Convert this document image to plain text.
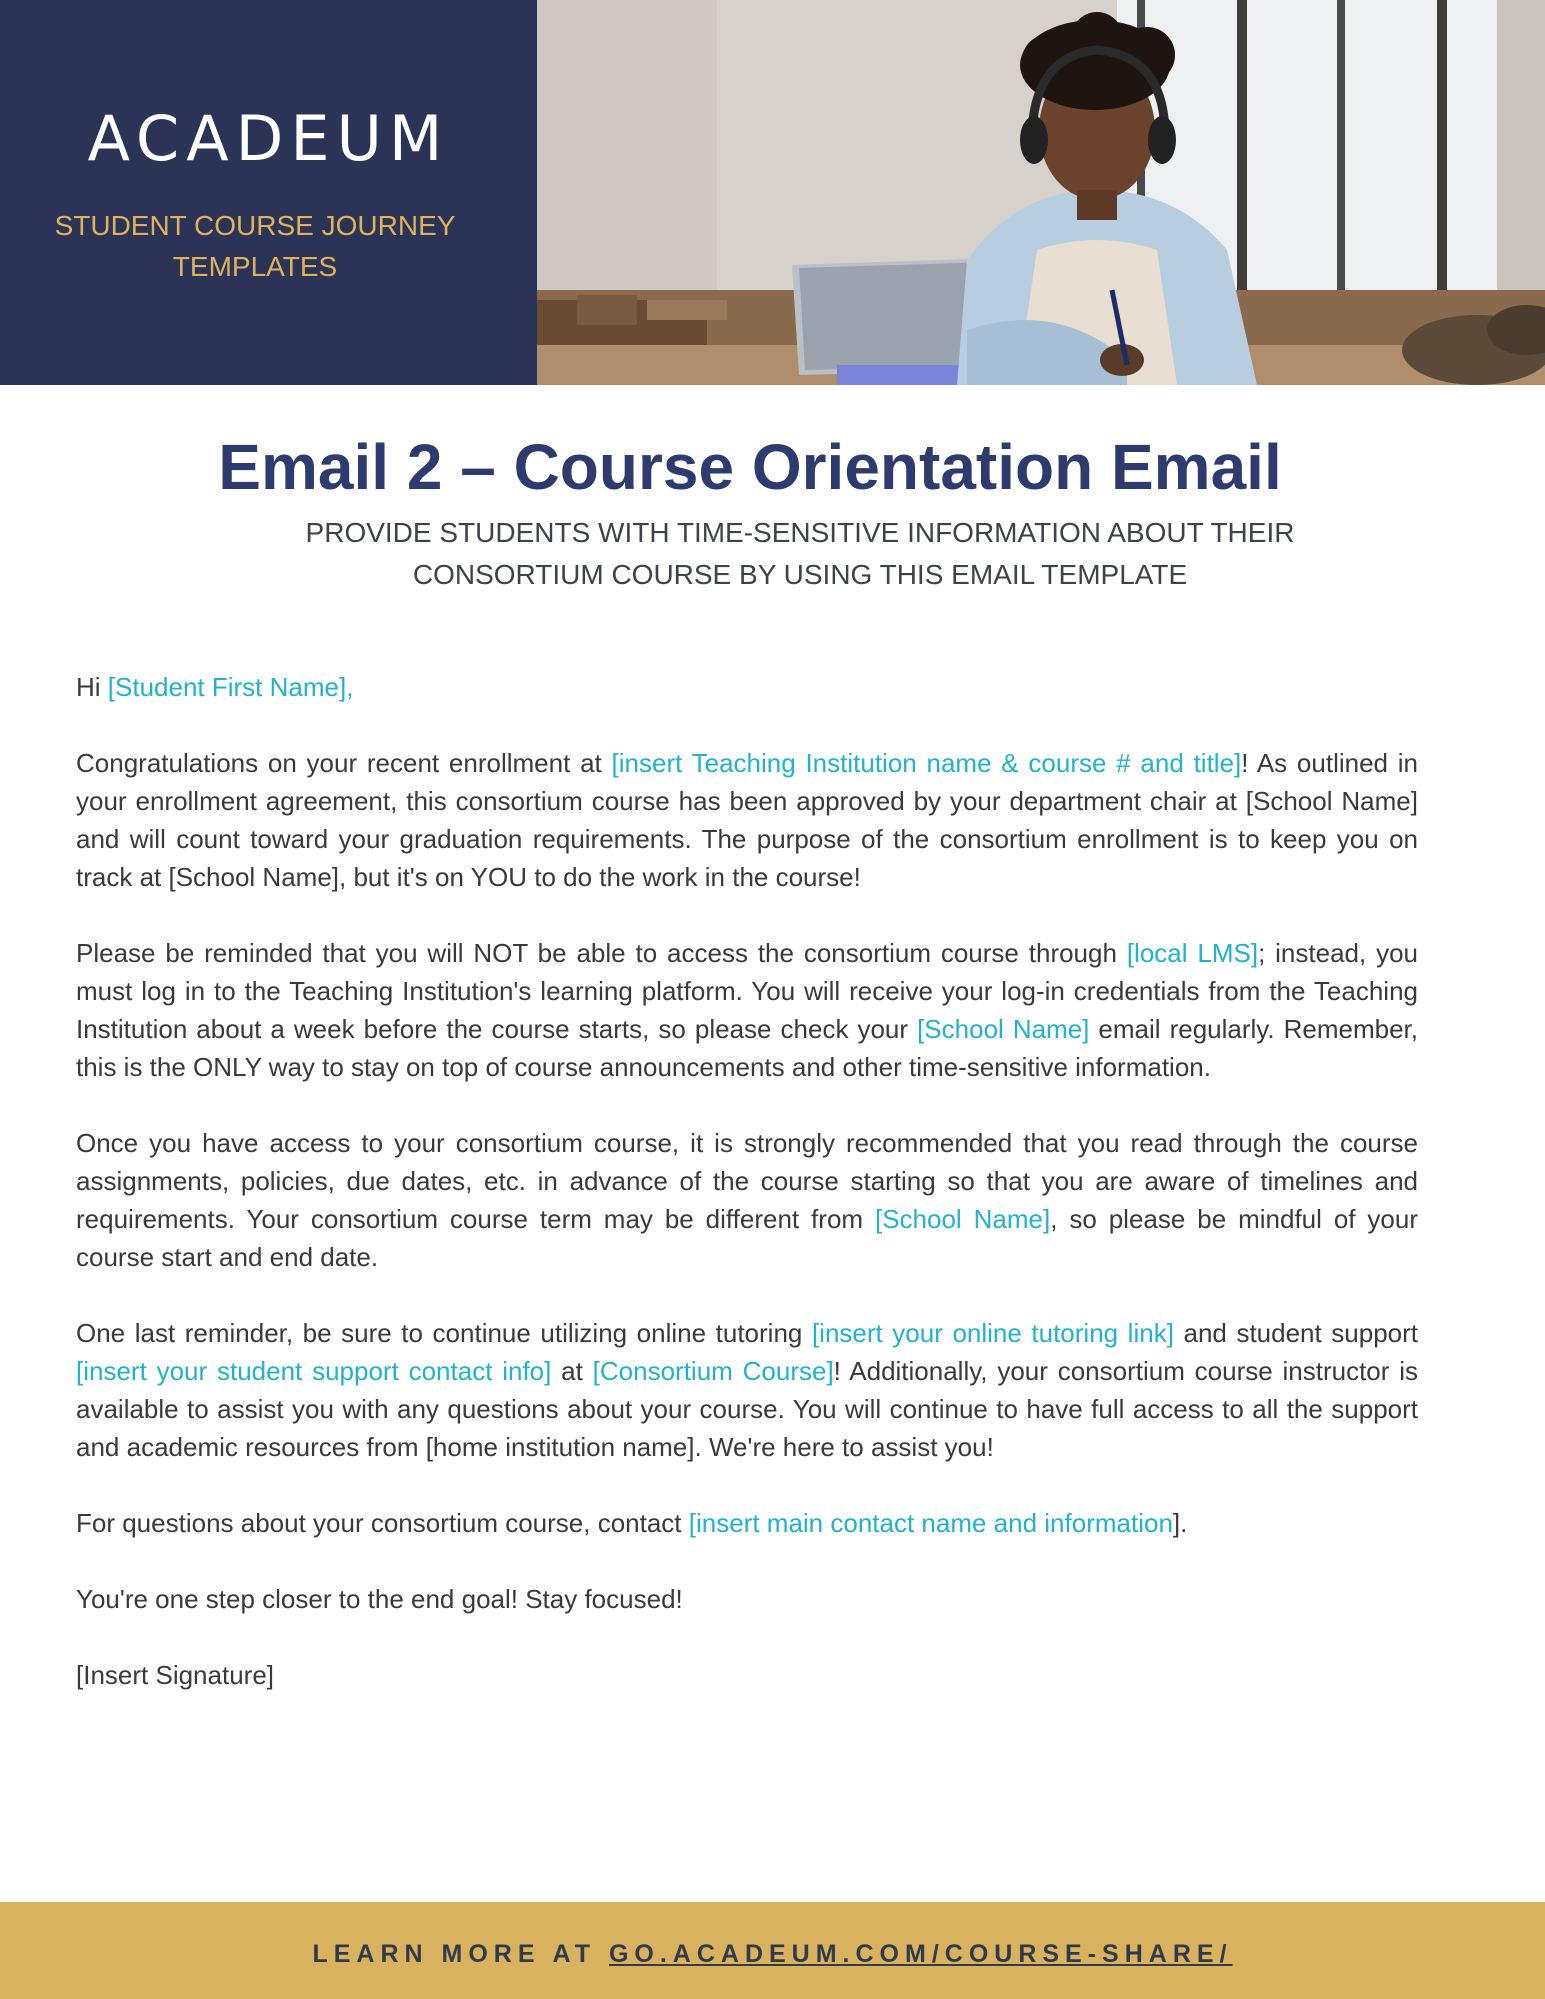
ACADEUM
STUDENT COURSE JOURNEY
TEMPLATES
Email 2 – Course Orientation Email
PROVIDE STUDENTS WITH TIME-SENSITIVE INFORMATION ABOUT THEIR
CONSORTIUM COURSE BY USING THIS EMAIL TEMPLATE

Hi [Student First Name],

Congratulations on your recent enrollment at [insert Teaching Institution name & course # and title]! As outlined in your enrollment agreement, this consortium course has been approved by your department chair at [School Name] and will count toward your graduation requirements. The purpose of the consortium enrollment is to keep you on track at [School Name], but it's on YOU to do the work in the course!

Please be reminded that you will NOT be able to access the consortium course through [local LMS]; instead, you must log in to the Teaching Institution's learning platform. You will receive your log-in credentials from the Teaching Institution about a week before the course starts, so please check your [School Name] email regularly. Remember, this is the ONLY way to stay on top of course announcements and other time-sensitive information.

Once you have access to your consortium course, it is strongly recommended that you read through the course assignments, policies, due dates, etc. in advance of the course starting so that you are aware of timelines and requirements. Your consortium course term may be different from [School Name], so please be mindful of your course start and end date.

One last reminder, be sure to continue utilizing online tutoring [insert your online tutoring link] and student support [insert your student support contact info] at [Consortium Course]! Additionally, your consortium course instructor is available to assist you with any questions about your course. You will continue to have full access to all the support and academic resources from [home institution name]. We're here to assist you!

For questions about your consortium course, contact [insert main contact name and information].

You're one step closer to the end goal! Stay focused!

[Insert Signature]

LEARN MORE AT GO.ACADEUM.COM/COURSE-SHARE/
